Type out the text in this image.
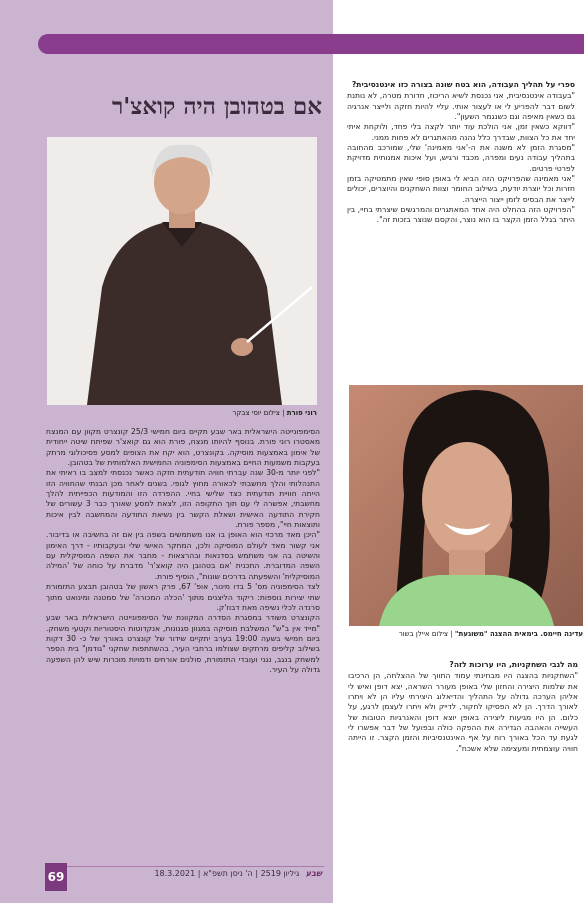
אם בטהובן היה קואצ'ר
רוני פורת | צילום יוסי צבקר
עדינה חיימס. בימאית ההצגה "משוגעת" | צילום איילן בשור

הסימפונייטה הישראלית באר שבע תקיים ביום חמישי 25/3 קונצרט מקוון עם המנצח מאסטרו רוני פורת. בנוסף להיותו מנצח, פורת הוא גם קואצ'ר שפיתח שיטה ייחודית של אימון באמצעות מוסיקה. בקונצרט, הוא יקח את הצופים למסע פסיכולוגי מרתק בעקבות משמעות החיים באמצעות הסימפוניה החמישית האלמותית של בטהובן.

"לפני יותר מ-30 שנה עברתי חוויה תודעתית חזקה כאשר נכנסתי למצב בו ראיתי את התנהלותי והלך מחשבתי לכאורה מחוץ לגופי. בשנים לאחר מכן הבנתי שהחוויה הזו הייתה חוויית תודעתית כצד שלישי בחיי. ההפרדה הזו והמודעות הכפייתית להלך מחשבתי, אפשרה לי עם תוך התקופה הזו, לצאת למסע שאורך כבר 3 עשורים של חקירת התודעה האישית ושאלת הקשר בין נשיאת התודעה והמחשבה לבין איכות ותוצאות חיי", מספר פורת.

"היכן מאד מרכזי הוא האופן בו אנו משתמשים בשפה בין אם זה בחשיבה או בדיבור. אני קשור מאד לעולם המוסיקה ולכן, המחקר האישי שלי ובעקבותיו - דרך האימון והשיטה בה אני משתמש בסדנאות ובהרצאות - מחבר את השפה המוסיקלית עם השפה המדוברת. התכנית 'אם בטהובן היה קואצ'ר' מדברת על כוחה של 'המילה המוסיקלית' והשפעתה בדרכים שונות", הוסיף פורת.

לצד הסימפוניה מס' 5 בדו מינור, אופ' 67, פרק ראשון של בטהובן תבצע התזמורת שתי יצירות נוספות: ריקוד הליצנים מתוך 'הכלה המכורה' של סמטנה ומינואט מתוך סרנדה לכלי נשיפה מאת דבוז'ק.

הקונצרט משודר במסגרת הסדרה המקוונת של הסימפונייטה הישראלית באר שבע "מייד אין ב"ש" המשלבת מוסיקה במגוון סגנונות, אנקדוטות היסטוריות וקטעי משחק. ביום חמישי בשעה 19:00 בערב יתקיים שידור של קונצרט באורך של כ- 30 דקות בשילוב קליפים מרתקים שצולמו ברחבי העיר, בהשתתפות שחקני "גודמן" בית הספר למשחק בנגב, נגני ועובדי התזמורת, סולנים אורחים ודמויות מוכרות שיש להן השפעה גדולה על העיר.

ספרי על תהליך העבודה, הוא בטח שונה בצורה כזו אינטנסיבית?

"בעבודה אינטנסיבית, אני נכנסת לשיא הריכוז, חדורת מטרה, לא נותנת לשום דבר להפריע לי או לעצור אותי. עליי להיות חזקה ולייצר אנרגיה גם כשאין מאיפה וגם כשנגמר השעון".

"דווקא כשאין זמן, אני הולכת עוד יותר לקצה בלי פחד, ולוקחת איתי יחד את כל הצוות, שבדרך כלל נהנה מהאתגרים לא פחות ממני.

"מסגרת הזמן לא משנה את ה-'אני מאמינה' שלי, שמורכב מהחובה בתהליך עבודה נעים ומפרה, מכבד ורגיש, ועל איכות אמנותית מדויקת לפרטי פרטים.

"אני מאמינה שהפרויקט הזה הביא לי באופן סופי שאין מתמטיקה בזמן חזרות וכל יוצרת יודעת, בשילוב החומר וצוות השחקנים והיוצרים, יכולים לייצר את הבסיס לזמן ייצור הייצרה.

"הפרויקט הזה בהחלט היה אחד המאתגרים והמרגשים שיצרתי בחיי, בין היתר בגלל הזמן הקצר בו הוא נוצר, והקסם שנוצר בזכות זה".

מה לגבי השחקניות, היו ערוכות לזה?

"השחקניות בהצגה היו מבחינתי עמוד התווך של ההצלחה, הן הרכיבו את שלמות היצירה והחזון שלי באופן מעורר השראה, יצא דופן ואיש לי אליהן הערכה גדולה על התהליך והדיאלוג היצירתי עליו הן לא ויתרו לאורך הדרך. הן לא הפסיקו לחקור, לדייק ולא ויתרו לעצמן לרגע, על כלום. הן היו מגיעות ליצירה באופן יוצא דופן והאנרגיות הטובות של העשייה והאהבה הגדירה את ההפקה כולה ובפועל של דבר אפשרו לי לגעת עד הכל באורך רוח על אף האינטנסיביות והזמן הקצר. זו הייתה חוויה עוצמתית ומעצימה שלא אשכח".

שבע גיליון 2519 | ה' ניסן תשפ"א | 18.3.2021
69
